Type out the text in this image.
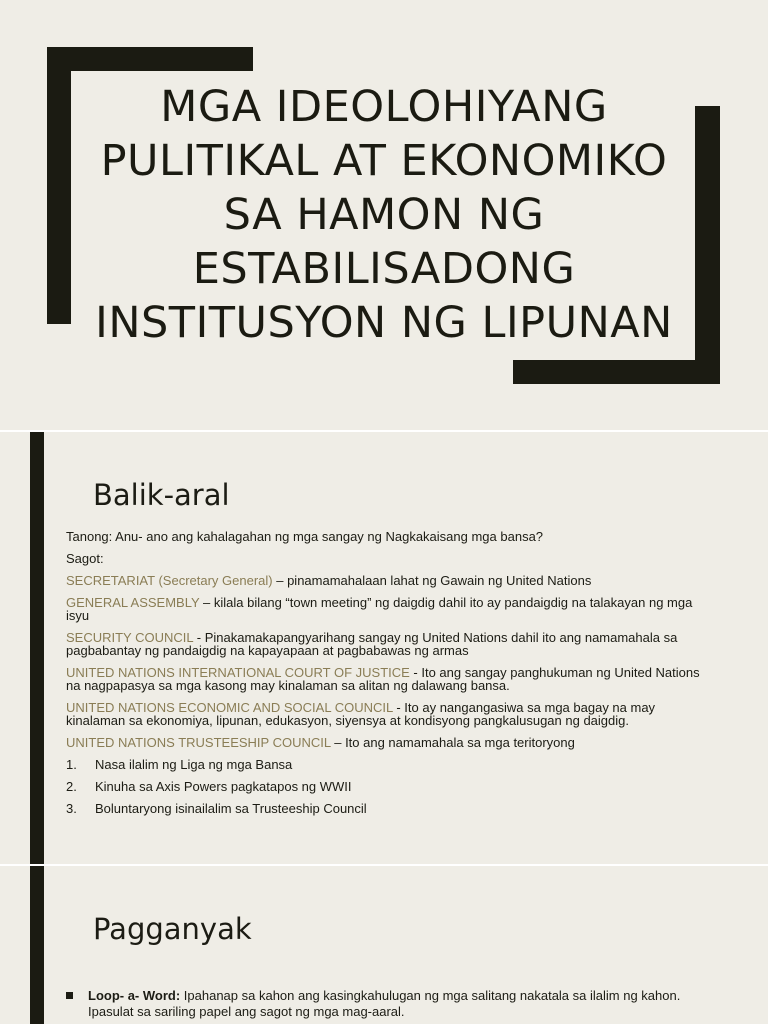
MGA IDEOLOHIYANG
PULITIKAL AT EKONOMIKO
SA HAMON NG
ESTABILISADONG
INSTITUSYON NG LIPUNAN
Balik-aral

Tanong: Anu- ano ang kahalagahan ng mga sangay ng Nagkakaisang mga bansa?

Sagot:

SECRETARIAT (Secretary General) – pinamamahalaan lahat ng Gawain ng United Nations

GENERAL ASSEMBLY – kilala bilang “town meeting” ng daigdig dahil ito ay pandaigdig na talakayan ng mga isyu

SECURITY COUNCIL - Pinakamakapangyarihang sangay ng United Nations dahil ito ang namamahala sa pagbabantay ng pandaigdig na kapayapaan at pagbabawas ng armas

UNITED NATIONS INTERNATIONAL COURT OF JUSTICE - Ito ang sangay panghukuman ng United Nations na nagpapasya sa mga kasong may kinalaman sa alitan ng dalawang bansa.

UNITED NATIONS ECONOMIC AND SOCIAL COUNCIL - Ito ay nangangasiwa sa mga bagay na may kinalaman sa ekonomiya, lipunan, edukasyon, siyensya at kondisyong pangkalusugan ng daigdig.

UNITED NATIONS TRUSTEESHIP COUNCIL – Ito ang namamahala sa mga teritoryong

1. Nasa ilalim ng Liga ng mga Bansa
2. Kinuha sa Axis Powers pagkatapos ng WWII
3. Boluntaryong isinailalim sa Trusteeship Council
Pagganyak
Loop- a- Word: Ipahanap sa kahon ang kasingkahulugan ng mga salitang nakatala sa ilalim ng kahon. Ipasulat sa sariling papel ang sagot ng mga mag-aaral.
